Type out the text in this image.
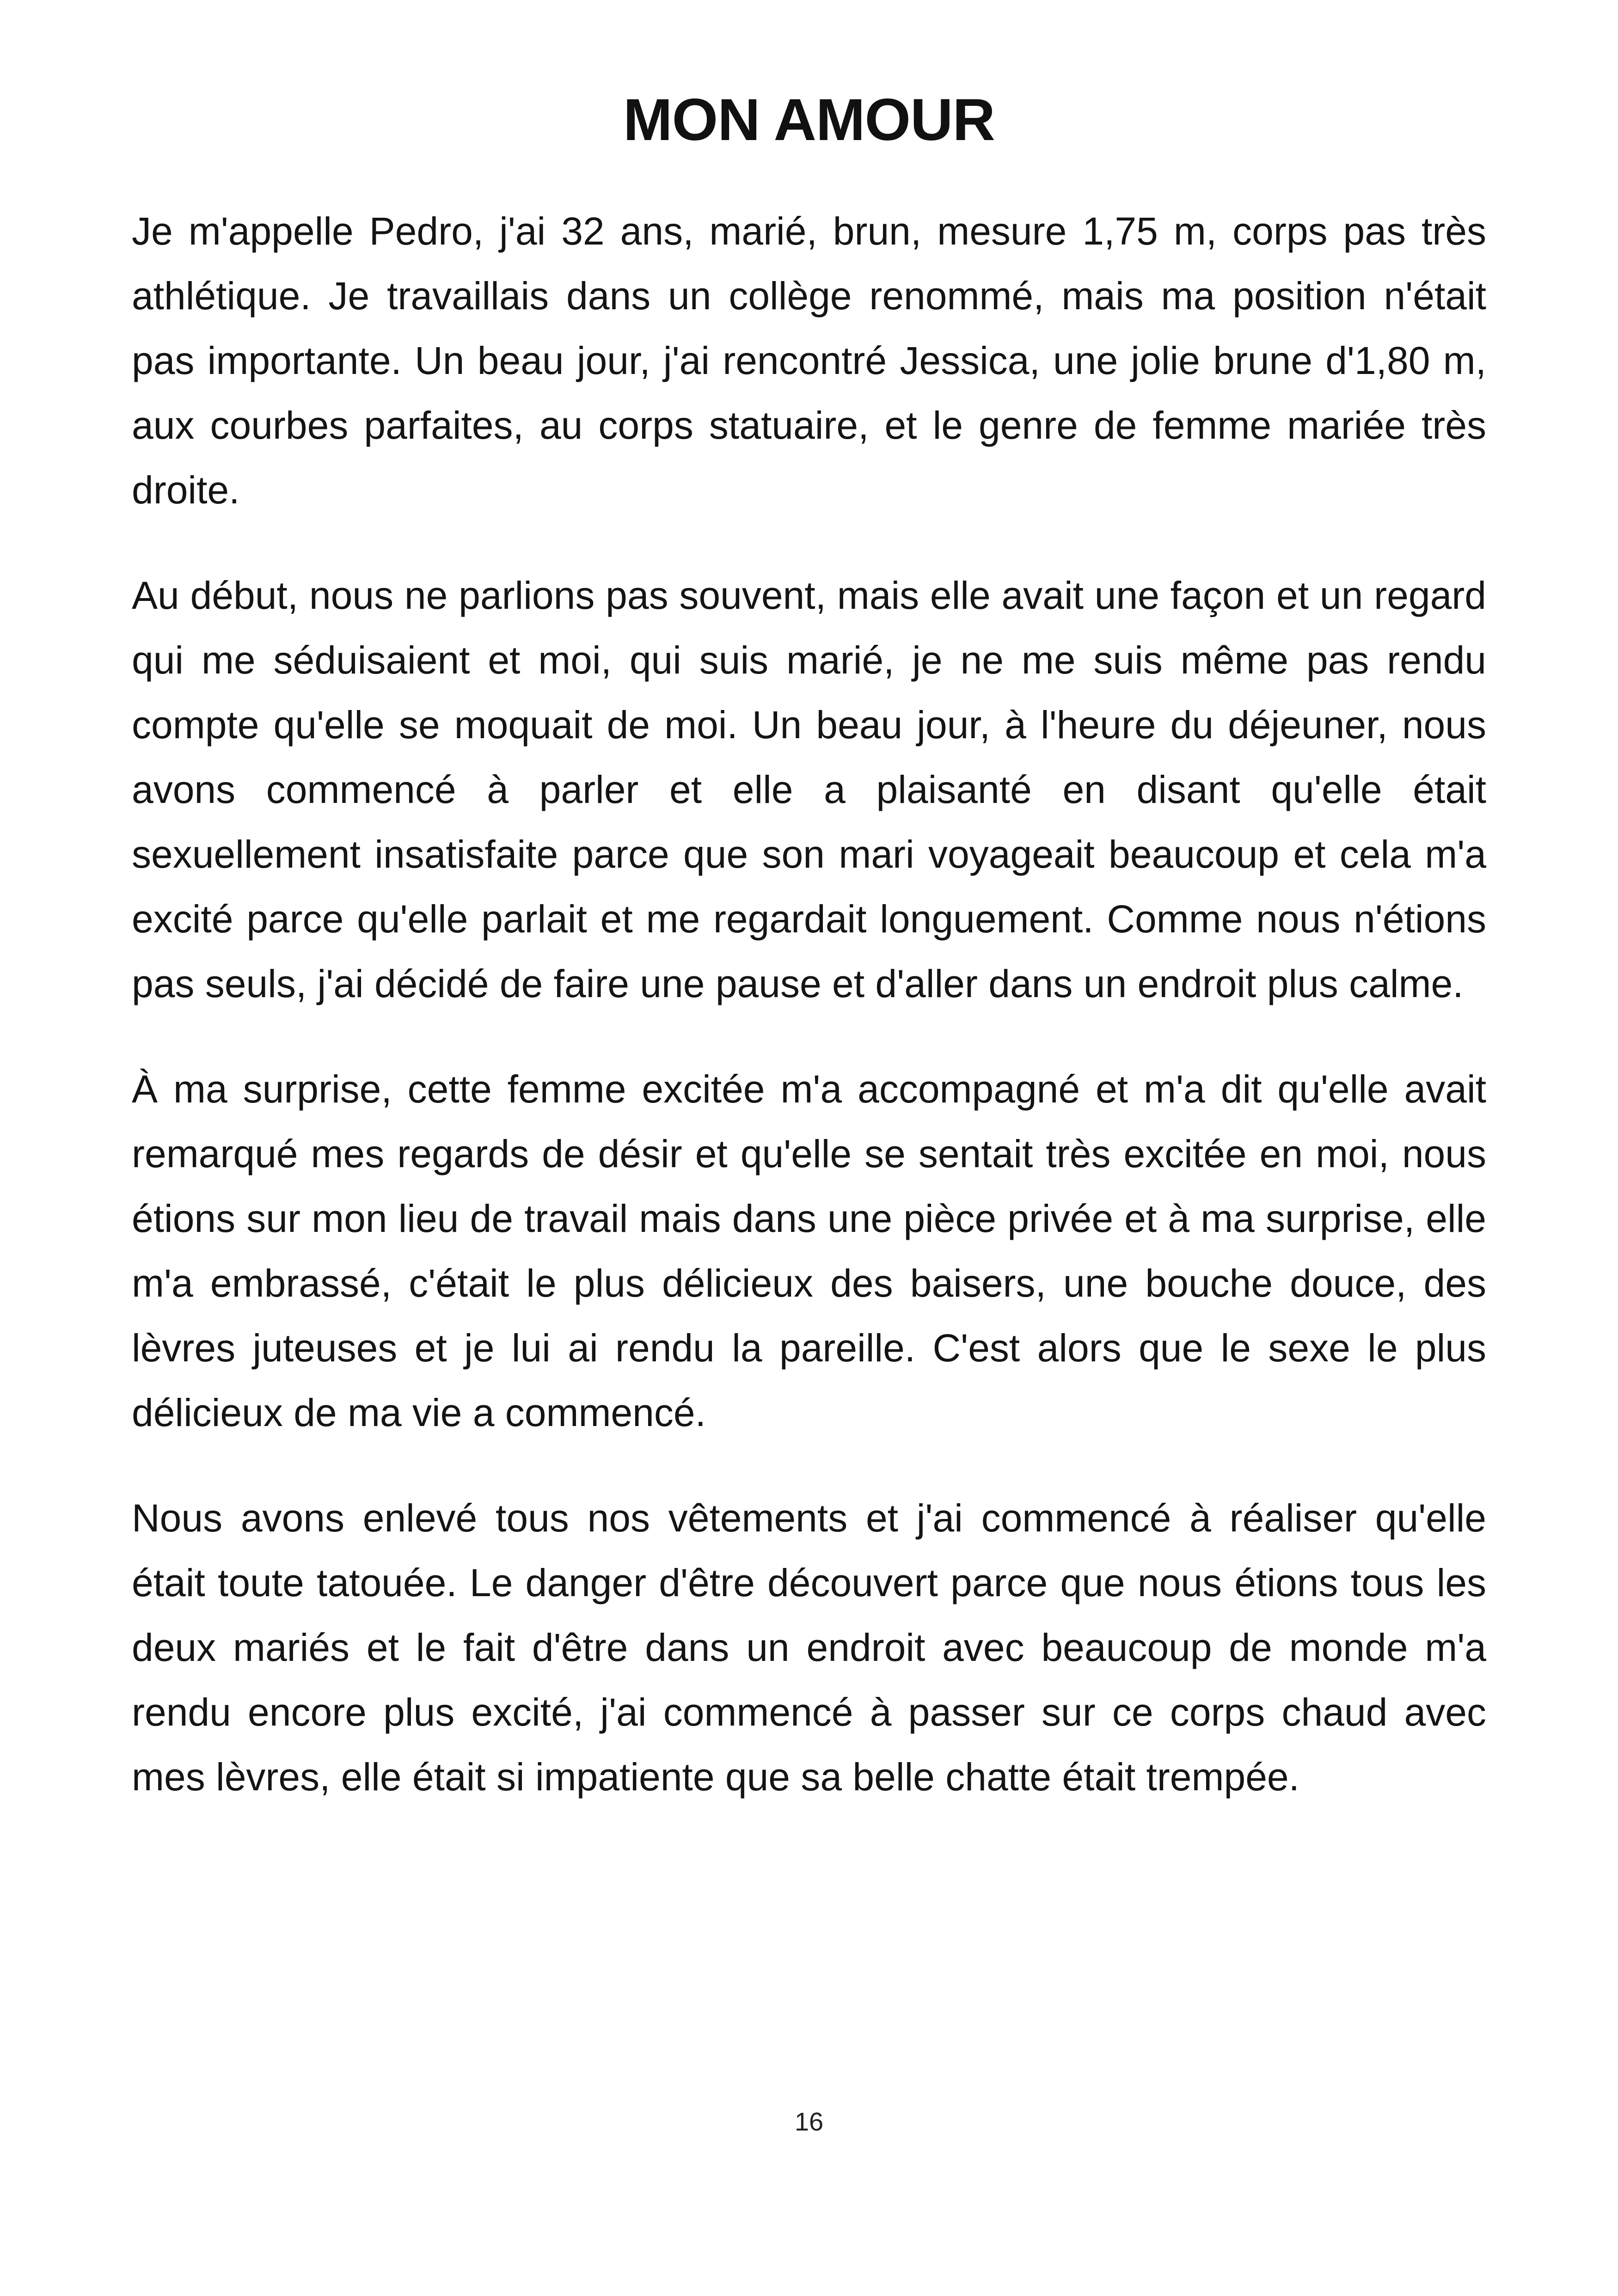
MON AMOUR

Je m'appelle Pedro, j'ai 32 ans, marié, brun, mesure 1,75 m, corps pas très athlétique. Je travaillais dans un collège renommé, mais ma position n'était pas importante. Un beau jour, j'ai rencontré Jessica, une jolie brune d'1,80 m, aux courbes parfaites, au corps statuaire, et le genre de femme mariée très droite.

Au début, nous ne parlions pas souvent, mais elle avait une façon et un regard qui me séduisaient et moi, qui suis marié, je ne me suis même pas rendu compte qu'elle se moquait de moi. Un beau jour, à l'heure du déjeuner, nous avons commencé à parler et elle a plaisanté en disant qu'elle était sexuellement insatisfaite parce que son mari voyageait beaucoup et cela m'a excité parce qu'elle parlait et me regardait longuement. Comme nous n'étions pas seuls, j'ai décidé de faire une pause et d'aller dans un endroit plus calme.

À ma surprise, cette femme excitée m'a accompagné et m'a dit qu'elle avait remarqué mes regards de désir et qu'elle se sentait très excitée en moi, nous étions sur mon lieu de travail mais dans une pièce privée et à ma surprise, elle m'a embrassé, c'était le plus délicieux des baisers, une bouche douce, des lèvres juteuses et je lui ai rendu la pareille. C'est alors que le sexe le plus délicieux de ma vie a commencé.

Nous avons enlevé tous nos vêtements et j'ai commencé à réaliser qu'elle était toute tatouée. Le danger d'être découvert parce que nous étions tous les deux mariés et le fait d'être dans un endroit avec beaucoup de monde m'a rendu encore plus excité, j'ai commencé à passer sur ce corps chaud avec mes lèvres, elle était si impatiente que sa belle chatte était trempée.

16
